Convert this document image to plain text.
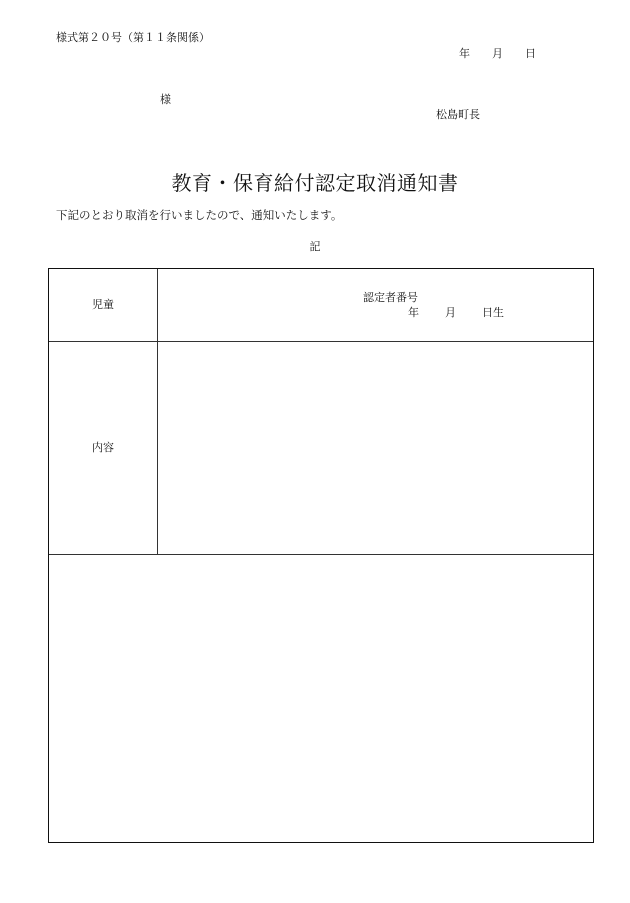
様式第２０号（第１１条関係）
年 月 日
様
松島町長
教育・保育給付認定取消通知書
下記のとおり取消を行いましたので、通知いたします。
記
児童
認定者番号
年 月 日生
内容
